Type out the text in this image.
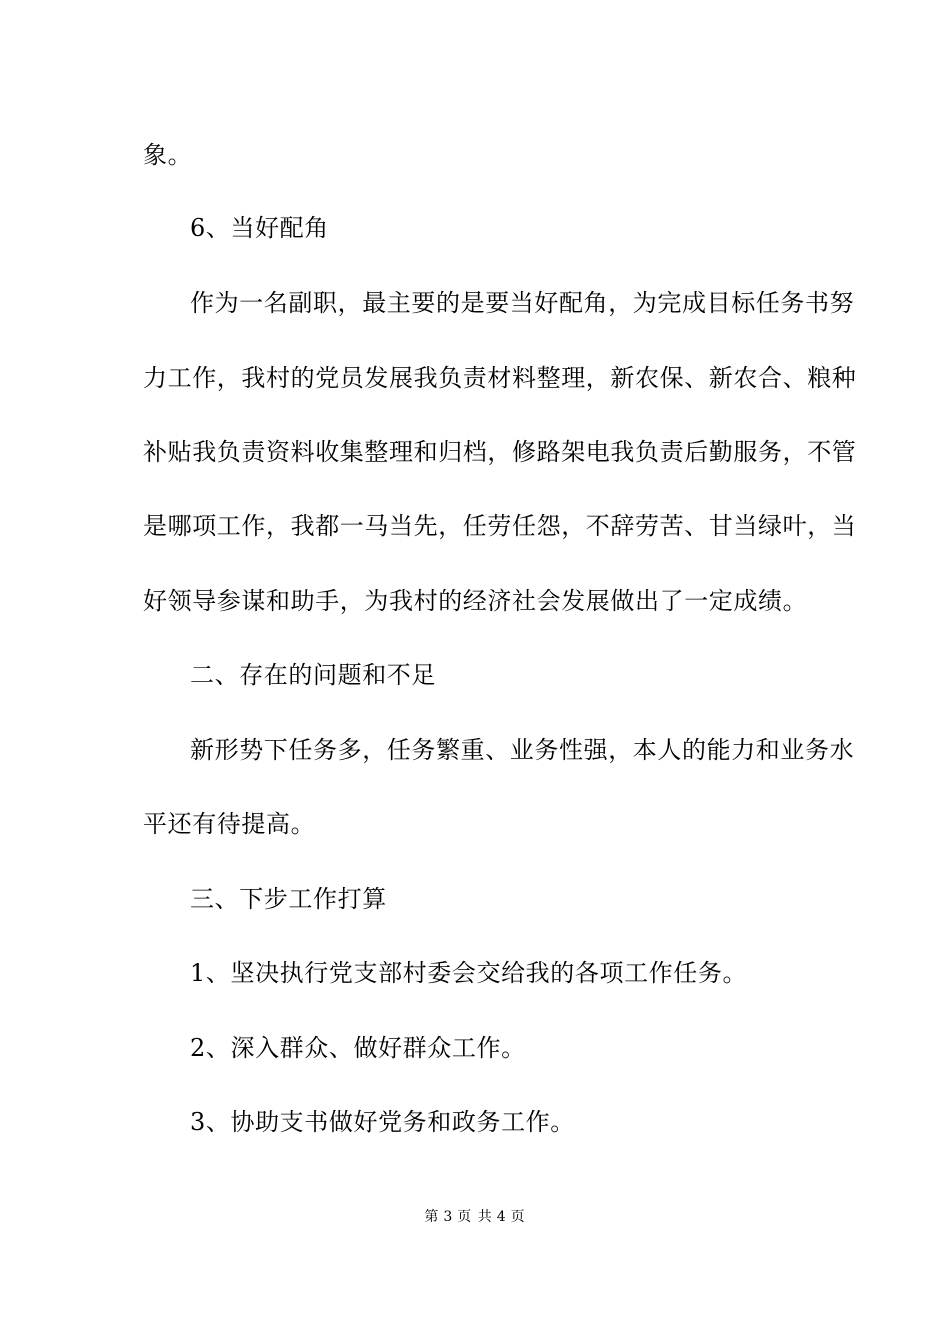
象。
6、当好配角
作为一名副职，最主要的是要当好配角，为完成目标任务书努
力工作，我村的党员发展我负责材料整理，新农保、新农合、粮种
补贴我负责资料收集整理和归档，修路架电我负责后勤服务，不管
是哪项工作，我都一马当先，任劳任怨，不辞劳苦、甘当绿叶，当
好领导参谋和助手，为我村的经济社会发展做出了一定成绩。
二、存在的问题和不足
新形势下任务多，任务繁重、业务性强，本人的能力和业务水
平还有待提高。
三、下步工作打算
1、坚决执行党支部村委会交给我的各项工作任务。
2、深入群众、做好群众工作。
3、协助支书做好党务和政务工作。
第 3 页 共 4 页
